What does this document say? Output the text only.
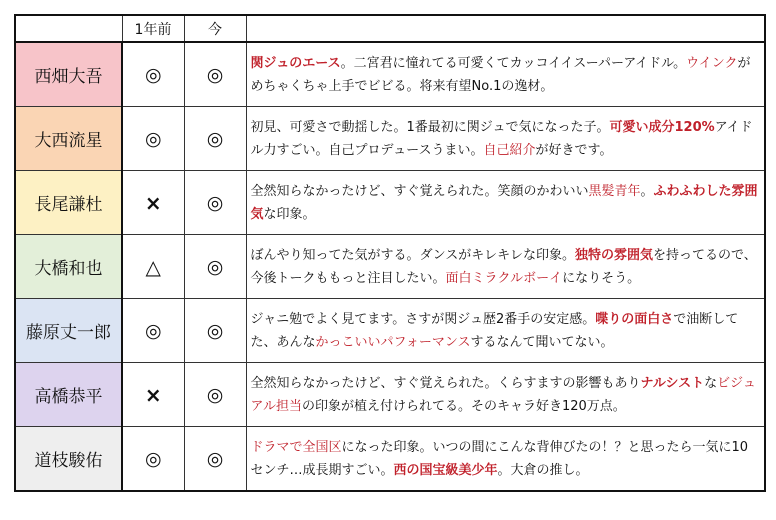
	1年前	今	
西畑大吾	◎	◎	関ジュのエース。二宮君に憧れてる可愛くてカッコイイスーパーアイドル。ウインクがめちゃくちゃ上手でビビる。将来有望No.1の逸材。
大西流星	◎	◎	初見、可愛さで動揺した。1番最初に関ジュで気になった子。可愛い成分120%アイドル力すごい。自己プロデュースうまい。自己紹介が好きです。
長尾謙杜	×	◎	全然知らなかったけど、すぐ覚えられた。笑顔のかわいい黒髪青年。ふわふわした雰囲気な印象。
大橋和也	△	◎	ぼんやり知ってた気がする。ダンスがキレキレな印象。独特の雰囲気を持ってるので、今後トークももっと注目したい。面白ミラクルボーイになりそう。
藤原丈一郎	◎	◎	ジャニ勉でよく見てます。さすが関ジュ歴2番手の安定感。喋りの面白さで油断してた、あんなかっこいいパフォーマンスするなんて聞いてない。
高橋恭平	×	◎	全然知らなかったけど、すぐ覚えられた。くらすますの影響もありナルシストなビジュアル担当の印象が植え付けられてる。そのキャラ好き120万点。
道枝駿佑	◎	◎	ドラマで全国区になった印象。いつの間にこんな背伸びたの！？と思ったら一気に10センチ…成長期すごい。西の国宝級美少年。大倉の推し。
